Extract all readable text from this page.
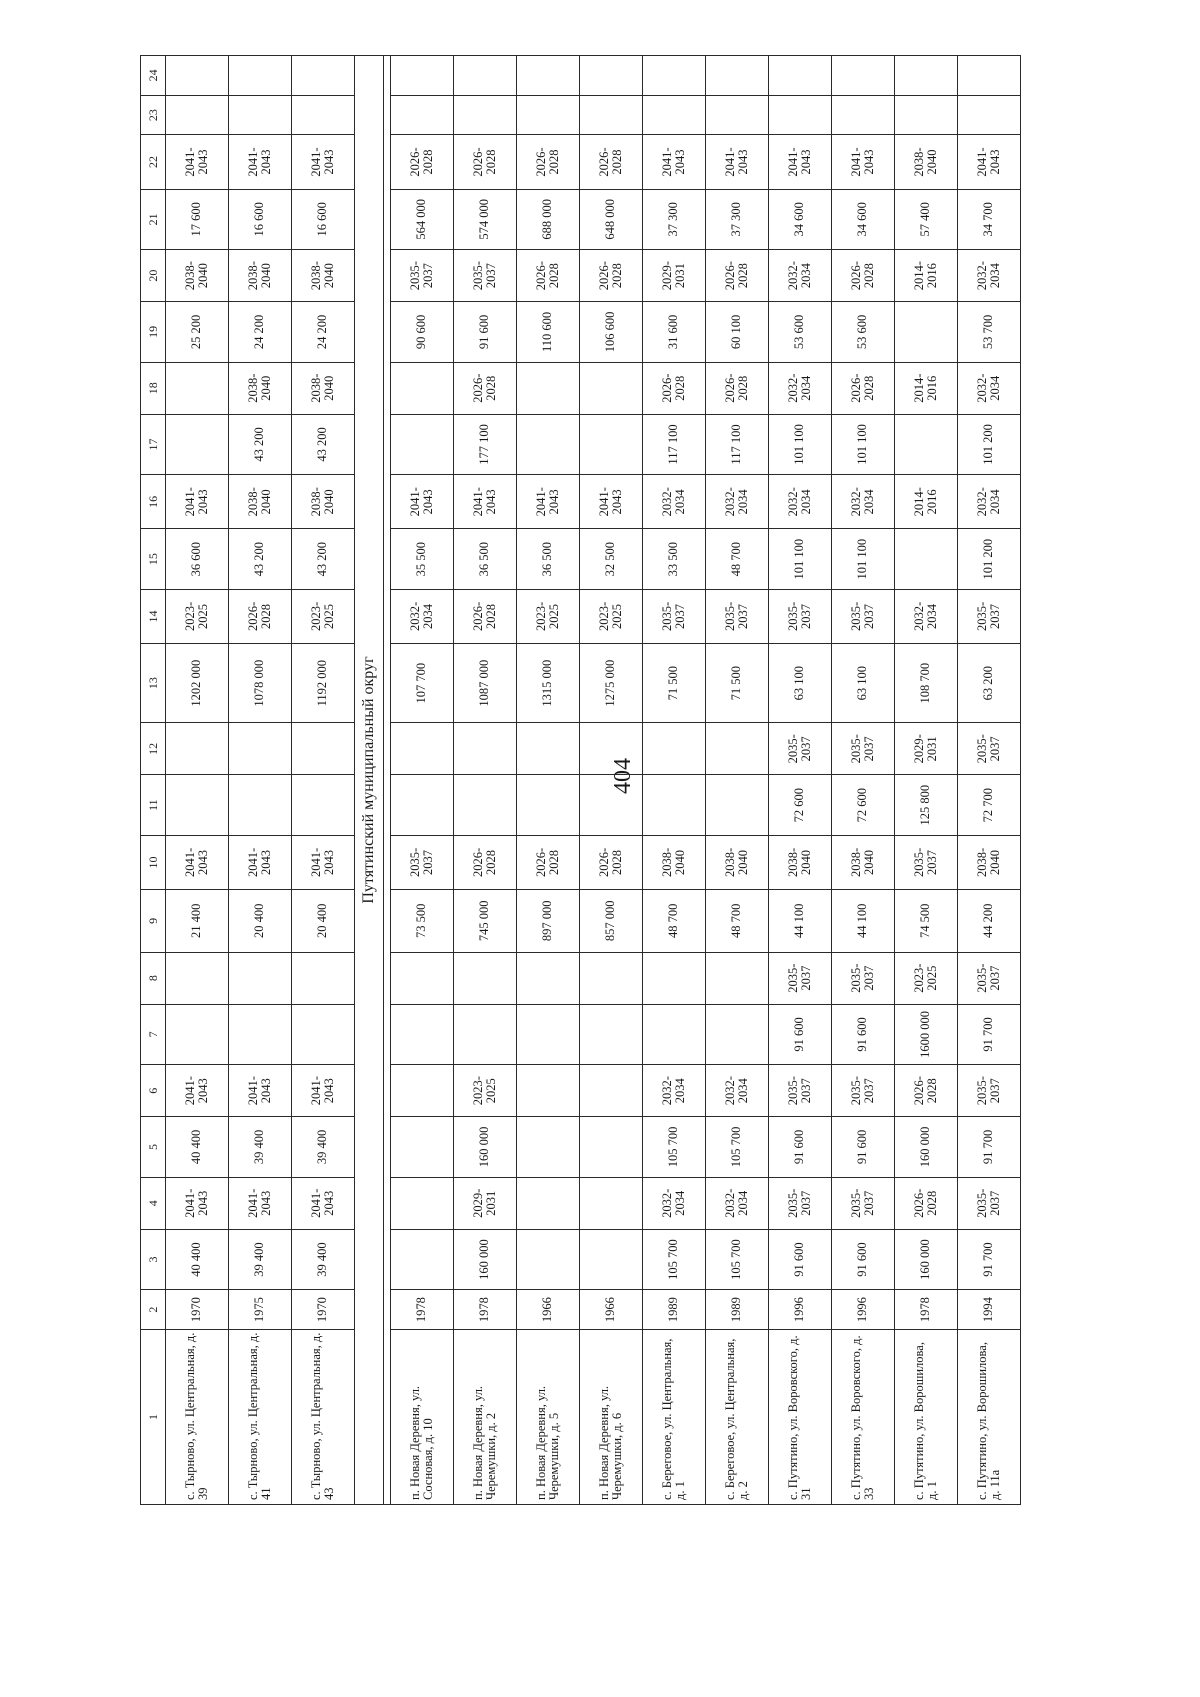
404
1	2	3	4	5	6	7	8	9	10	11	12	13	14	15	16	17	18	19	20	21	22	23	24
с. Тырново, ул. Центральная, д. 39	1970	40 400	2041-2043	40 400	2041-2043			21 400	2041-2043			1202 000	2023-2025	36 600	2041-2043			25 200	2038-2040	17 600	2041-2043		
с. Тырново, ул. Центральная, д. 41	1975	39 400	2041-2043	39 400	2041-2043			20 400	2041-2043			1078 000	2026-2028	43 200	2038-2040	43 200	2038-2040	24 200	2038-2040	16 600	2041-2043		
с. Тырново, ул. Центральная, д. 43	1970	39 400	2041-2043	39 400	2041-2043			20 400	2041-2043			1192 000	2023-2025	43 200	2038-2040	43 200	2038-2040	24 200	2038-2040	16 600	2041-2043		
Путятинский муниципальный округ																							

п. Новая Деревня, ул. Сосновая, д. 10	1978							73 500	2035-2037			107 700	2032-2034	35 500	2041-2043			90 600	2035-2037	564 000	2026-2028		
п. Новая Деревня, ул. Черемушки, д. 2	1978	160 000	2029-2031	160 000	2023-2025			745 000	2026-2028			1087 000	2026-2028	36 500	2041-2043	177 100	2026-2028	91 600	2035-2037	574 000	2026-2028		
п. Новая Деревня, ул. Черемушки, д. 5	1966							897 000	2026-2028			1315 000	2023-2025	36 500	2041-2043			110 600	2026-2028	688 000	2026-2028		
п. Новая Деревня, ул. Черемушки, д. 6	1966							857 000	2026-2028			1275 000	2023-2025	32 500	2041-2043			106 600	2026-2028	648 000	2026-2028		
с. Береговое, ул. Центральная, д. 1	1989	105 700	2032-2034	105 700	2032-2034			48 700	2038-2040			71 500	2035-2037	33 500	2032-2034	117 100	2026-2028	31 600	2029-2031	37 300	2041-2043		
с. Береговое, ул. Центральная, д. 2	1989	105 700	2032-2034	105 700	2032-2034			48 700	2038-2040			71 500	2035-2037	48 700	2032-2034	117 100	2026-2028	60 100	2026-2028	37 300	2041-2043		
с. Путятино, ул. Воровского, д. 31	1996	91 600	2035-2037	91 600	2035-2037	91 600	2035-2037	44 100	2038-2040	72 600	2035-2037	63 100	2035-2037	101 100	2032-2034	101 100	2032-2034	53 600	2032-2034	34 600	2041-2043		
с. Путятино, ул. Воровского, д. 33	1996	91 600	2035-2037	91 600	2035-2037	91 600	2035-2037	44 100	2038-2040	72 600	2035-2037	63 100	2035-2037	101 100	2032-2034	101 100	2026-2028	53 600	2026-2028	34 600	2041-2043		
с. Путятино, ул. Ворошилова, д. 1	1978	160 000	2026-2028	160 000	2026-2028	1600 000	2023-2025	74 500	2035-2037	125 800	2029-2031	108 700	2032-2034		2014-2016		2014-2016		2014-2016	57 400	2038-2040		
с. Путятино, ул. Ворошилова, д. 11а	1994	91 700	2035-2037	91 700	2035-2037	91 700	2035-2037	44 200	2038-2040	72 700	2035-2037	63 200	2035-2037	101 200	2032-2034	101 200	2032-2034	53 700	2032-2034	34 700	2041-2043		
